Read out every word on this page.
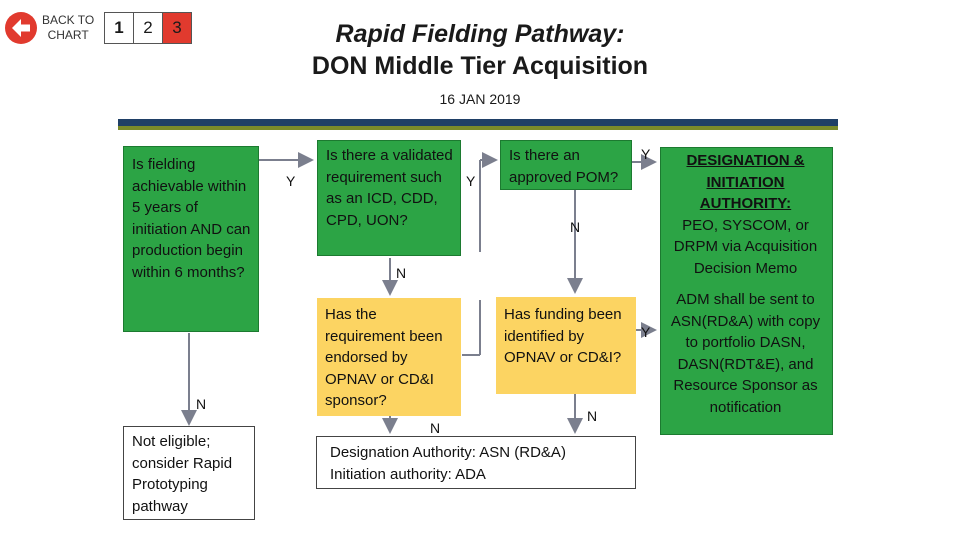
BACK TO
CHART	1	2	3	Rapid Fielding Pathway:
DON Middle Tier Acquisition
16 JAN 2019
Is fielding achievable within 5 years of initiation AND can production begin within 6 months?
Is there a validated requirement such as an ICD, CDD, CPD, UON?
Is there an approved POM?
Has the requirement been endorsed by OPNAV or CD&I sponsor?
Has funding been identified by OPNAV or CD&I?
Not eligible; consider Rapid Prototyping pathway
Designation Authority: ASN (RD&A)
Initiation authority: ADA
DESIGNATION & INITIATION AUTHORITY:
PEO, SYSCOM, or DRPM via Acquisition Decision Memo
ADM shall be sent to ASN(RD&A) with copy to portfolio DASN, DASN(RDT&E), and Resource Sponsor as notification
Y
N
Y
N
Y
N
N
N
Y
